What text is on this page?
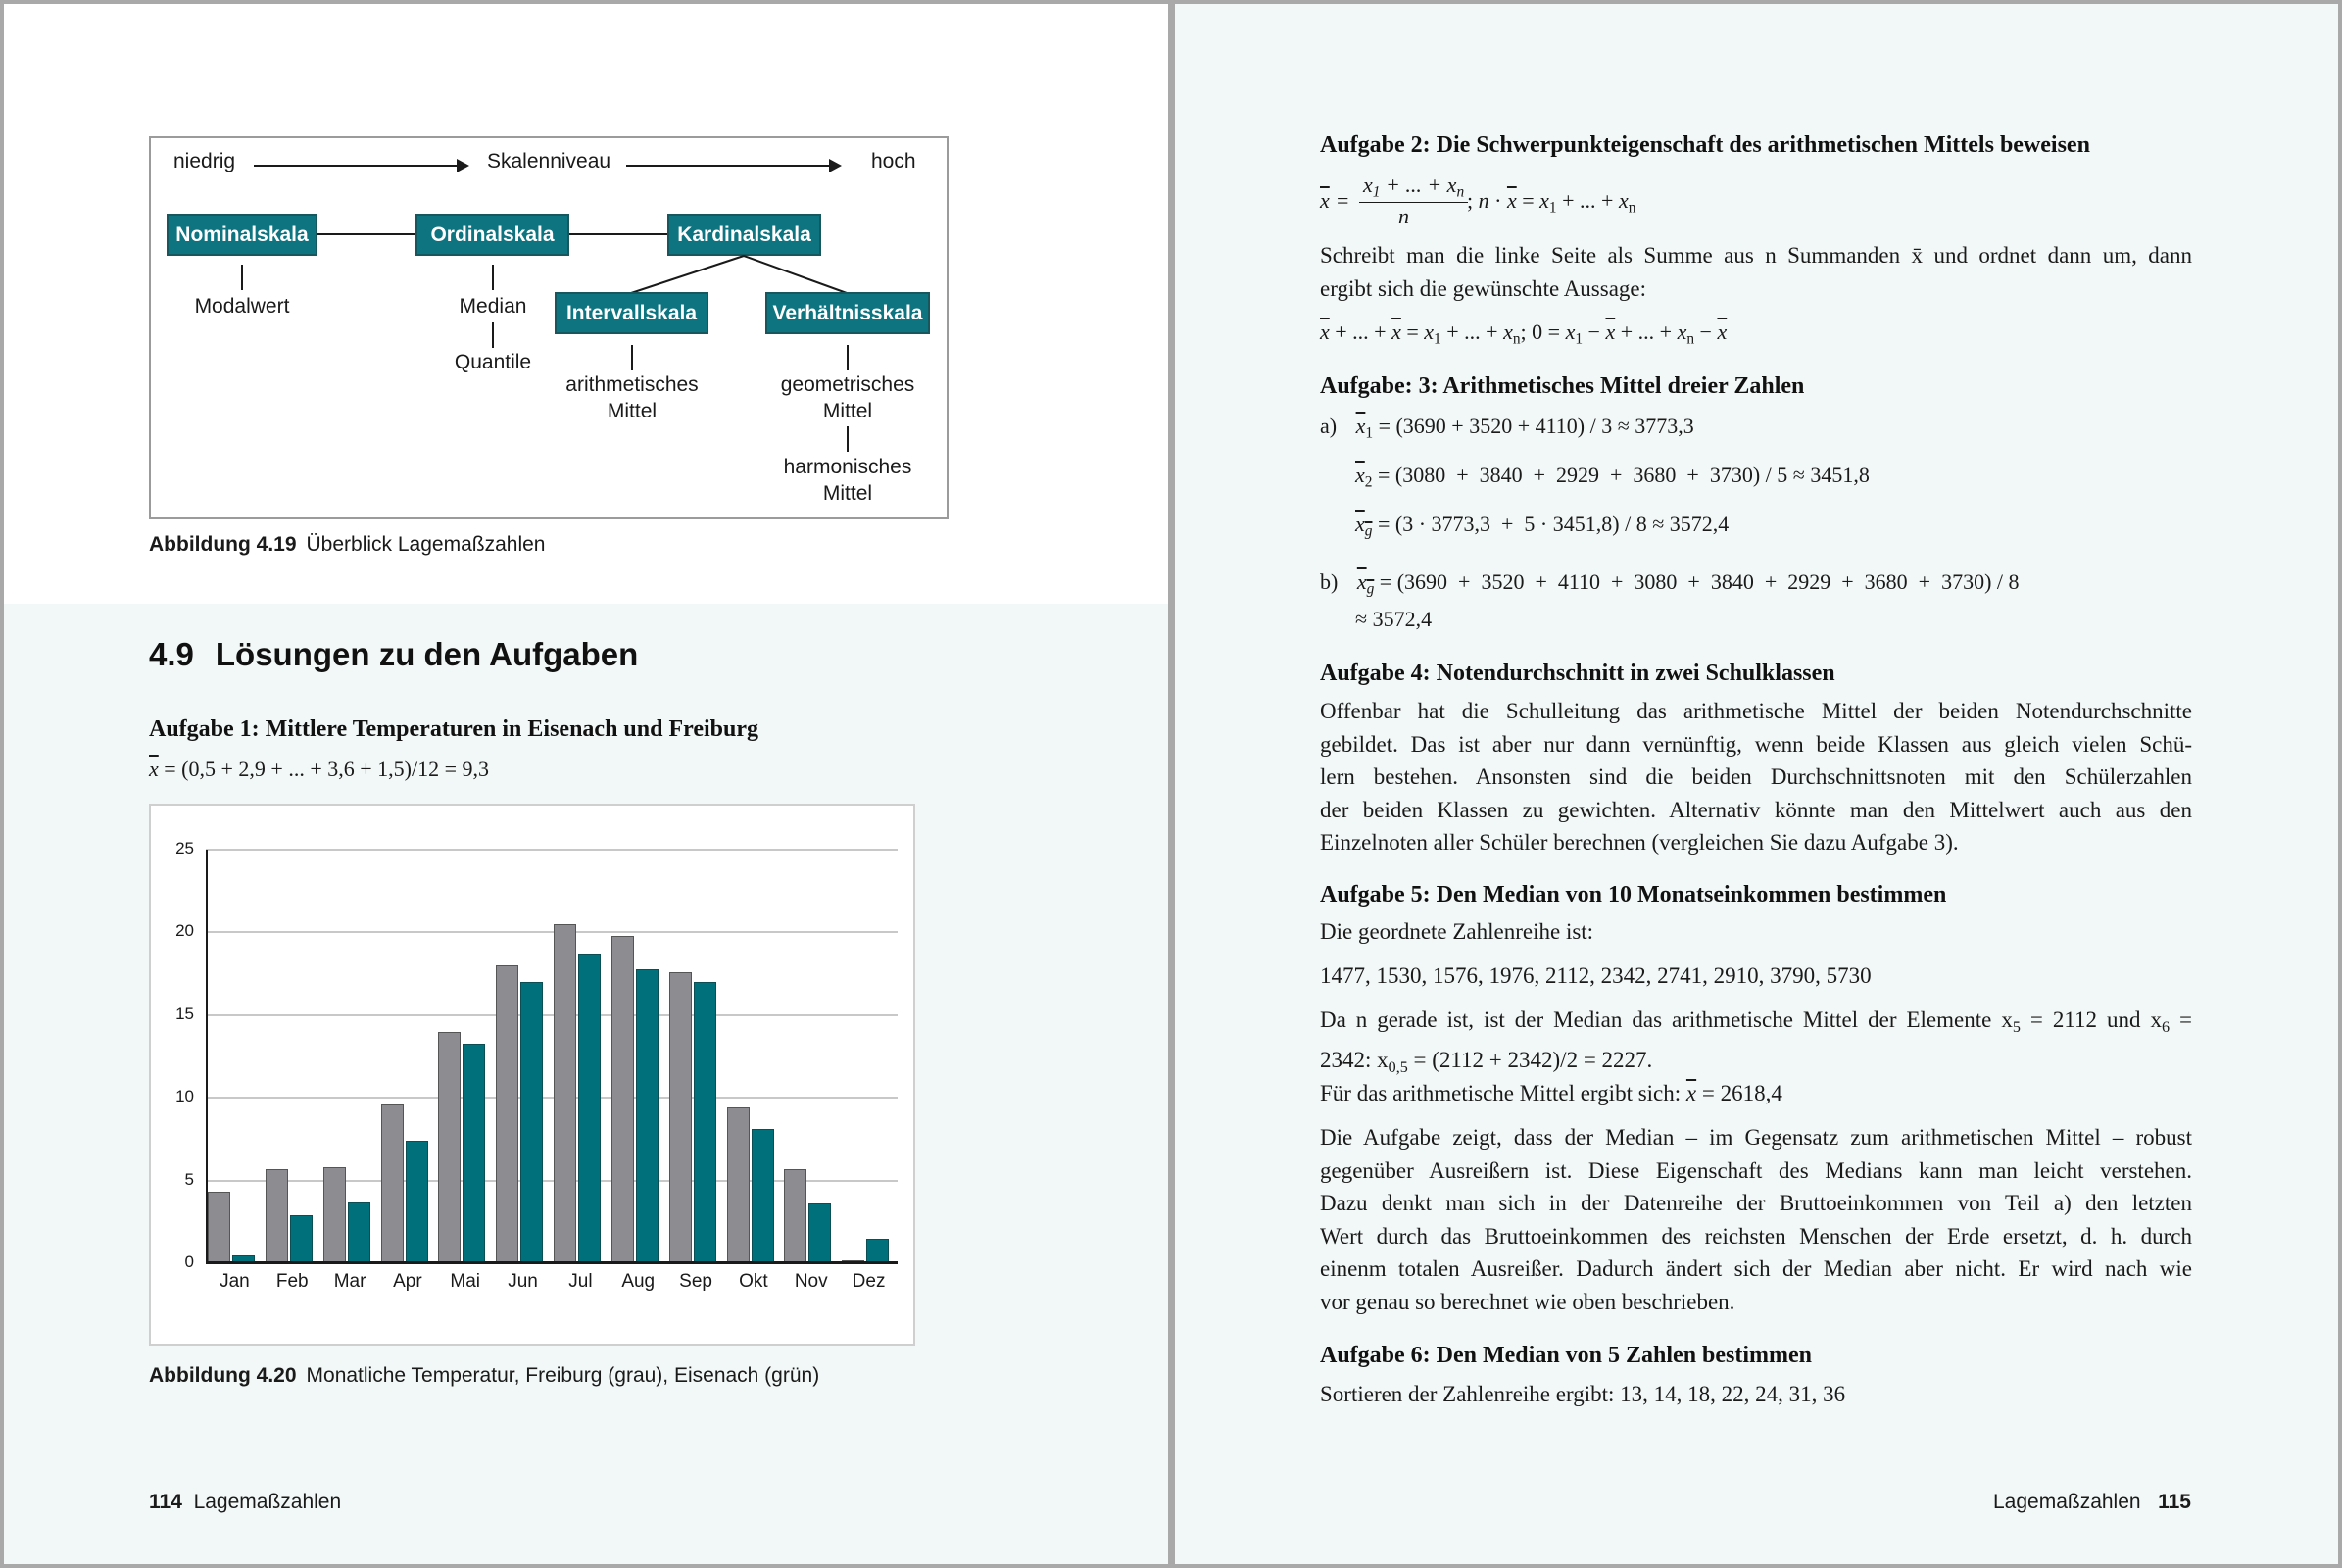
niedrig	Skalenniveau	hoch
Nominalskala	Ordinalskala	Kardinalskala
Intervallskala	Verhältnisskala
Modalwert	Median
Quantile
arithmetisches
Mittel
geometrisches
Mittel
harmonisches
Mittel
Abbildung 4.19 Überblick Lagemaßzahlen
4.9 Lösungen zu den Aufgaben
Aufgabe 1: Mittlere Temperaturen in Eisenach und Freiburg
$\overline{x} = (0,5 + 2,9$ + ... + 3,6 + 1,5)/12 = 9,3
0
5
10
15
20
25
Jan	Feb	Mar	Apr	Mai	Jun	Jul	Aug	Sep	Okt	Nov	Dez
Abbildung 4.20 Monatliche Temperatur, Freiburg (grau), Eisenach (grün)
114 Lagemaßzahlen
Aufgabe 2: Die Schwerpunkteigenschaft des arithmetischen Mittels beweisen
$\overline{x}$ =
$x_1$ + ... + $x_n$
n
; $n \cdot \overline{x} = x_1$ + ... + $x_n$
Schreibt man die linke Seite als Summe aus n Summanden x̄ und ordnet dann um, dann
ergibt sich die gewünschte Aussage:
$\overline{x}$ + ... + $\overline{x} = x_1$ + ... + $x_n$; $0 = x_1 - \overline{x}$ + ... + $x_n - \overline{x}$
Aufgabe: 3: Arithmetisches Mittel dreier Zahlen
a) $\overline{x}_1 = (3690 + 3520 + 4110) / 3 \approx 3773,3$
$\overline{x}_2 = (3080 + 3840 + 2929 + 3680 + 3730) / 5 \approx 3451,8$
$x_g = (3 \cdot 3773,3 + 5 \cdot 3451,8) / 8 \approx 3572,4$
b) $x_g = (3690 + 3520 + 4110 + 3080 + 3840 + 2929 + 3680 + 3730) / 8$
≈ 3572,4
Aufgabe 4: Notendurchschnitt in zwei Schulklassen
Offenbar hat die Schulleitung das arithmetische Mittel der beiden Notendurchschnitte
gebildet. Das ist aber nur dann vernünftig, wenn beide Klassen aus gleich vielen Schü-
lern bestehen. Ansonsten sind die beiden Durchschnittsnoten mit den Schülerzahlen
der beiden Klassen zu gewichten. Alternativ könnte man den Mittelwert auch aus den
Einzelnoten aller Schüler berechnen (vergleichen Sie dazu Aufgabe 3).
Aufgabe 5: Den Median von 10 Monatseinkommen bestimmen
Die geordnete Zahlenreihe ist:
1477, 1530, 1576, 1976, 2112, 2342, 2741, 2910, 3790, 5730
Da n gerade ist, ist der Median das arithmetische Mittel der Elemente $x_5 = 2112$ und $x_6$ =
2342: $x_{0,5} = (2112 + 2342)/2 = 2227$.
Für das arithmetische Mittel ergibt sich: $\overline{x} = 2618,4$
Die Aufgabe zeigt, dass der Median – im Gegensatz zum arithmetischen Mittel – robust
gegenüber Ausreißern ist. Diese Eigenschaft des Medians kann man leicht verstehen.
Dazu denkt man sich in der Datenreihe der Bruttoeinkommen von Teil a) den letzten
Wert durch das Bruttoeinkommen des reichsten Menschen der Erde ersetzt, d. h. durch
einenm totalen Ausreißer. Dadurch ändert sich der Median aber nicht. Er wird nach wie
vor genau so berechnet wie oben beschrieben.
Aufgabe 6: Den Median von 5 Zahlen bestimmen
Sortieren der Zahlenreihe ergibt: 13, 14, 18, 22, 24, 31, 36
Lagemaßzahlen 115
